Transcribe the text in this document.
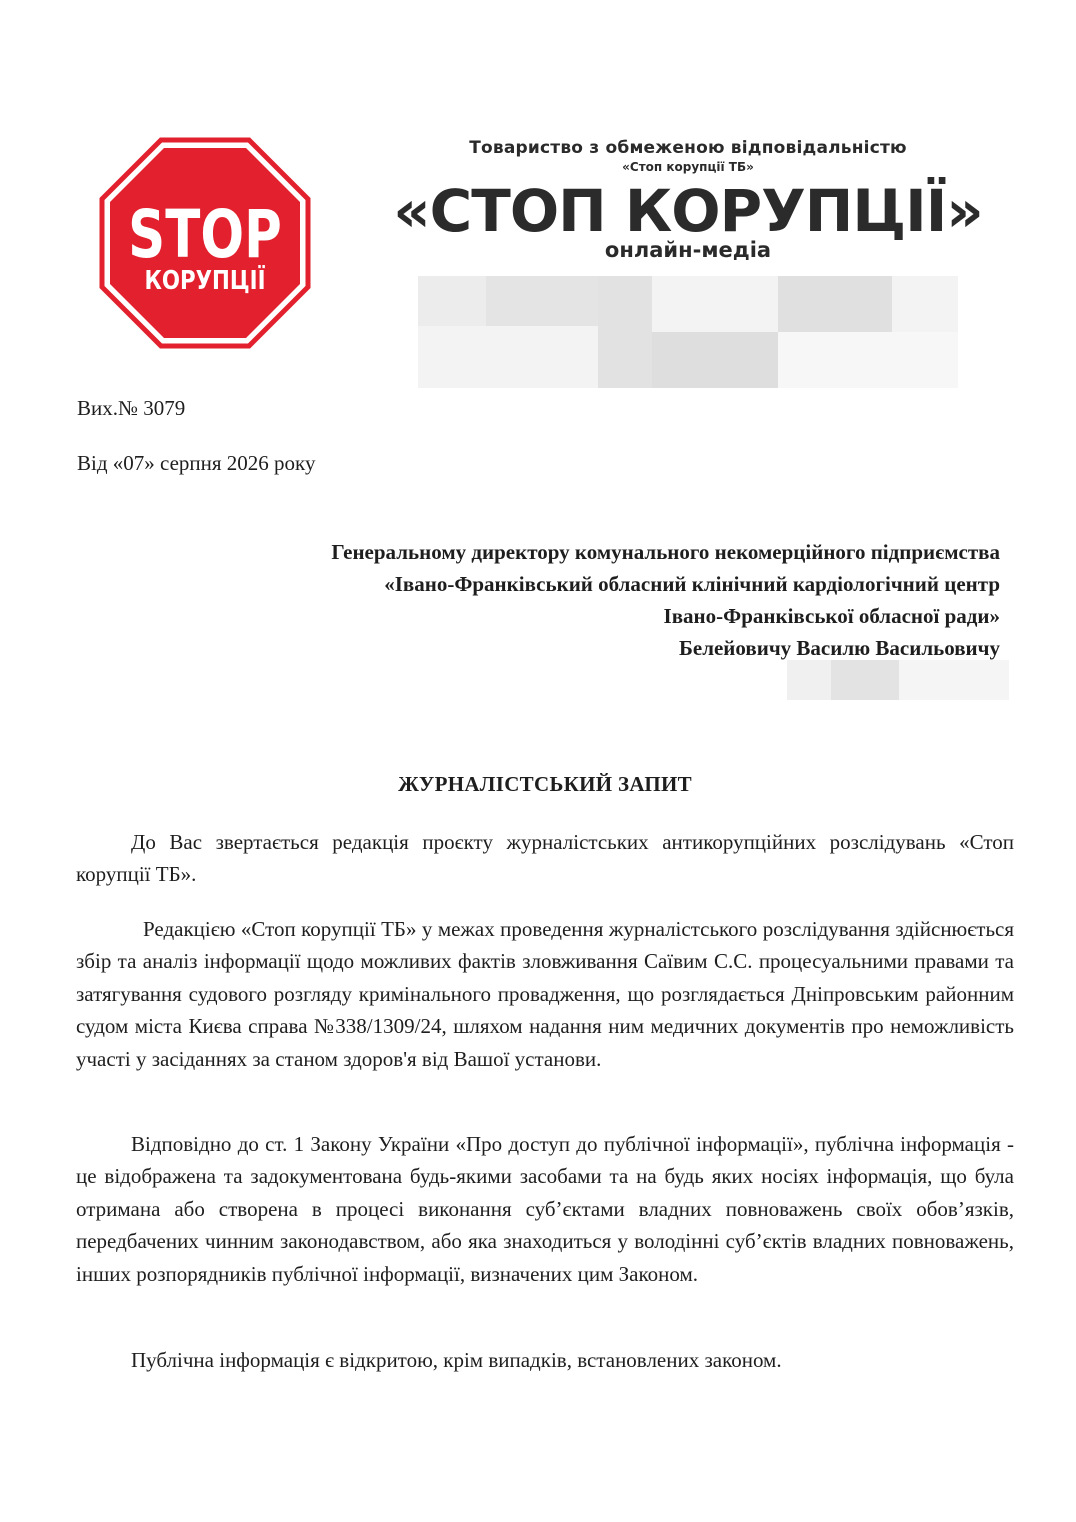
STOP
КОРУПЦІЇ
Товариство з обмеженою відповідальністю
«Стоп корупції ТБ»
«СТОП КОРУПЦІЇ»
онлайн-медіа
Вих.№ 3079
Від «07» серпня 2026 року
Генеральному директору комунального некомерційного підприємства
«Івано-Франківський обласний клінічний кардіологічний центр
Івано-Франківської обласної ради»
Белейовичу Василю Васильовичу
ЖУРНАЛІСТСЬКИЙ ЗАПИТ
До Вас звертається редакція проєкту журналістських антикорупційних розслідувань «Стоп корупції ТБ».
Редакцією «Стоп корупції ТБ» у межах проведення журналістського розслідування здійснюється збір та аналіз інформації щодо можливих фактів зловживання Саївим С.С. процесуальними правами та затягування судового розгляду кримінального провадження, що розглядається Дніпровським районним судом міста Києва справа №338/1309/24, шляхом надання ним медичних документів про неможливість участі у засіданнях за станом здоров'я від Вашої установи.
Відповідно до ст. 1 Закону України «Про доступ до публічної інформації», публічна інформація - це відображена та задокументована будь-якими засобами та на будь яких носіях інформація, що була отримана або створена в процесі виконання суб’єктами владних повноважень своїх обов’язків, передбачених чинним законодавством, або яка знаходиться у володінні суб’єктів владних повноважень, інших розпорядників публічної інформації, визначених цим Законом.
Публічна інформація є відкритою, крім випадків, встановлених законом.
